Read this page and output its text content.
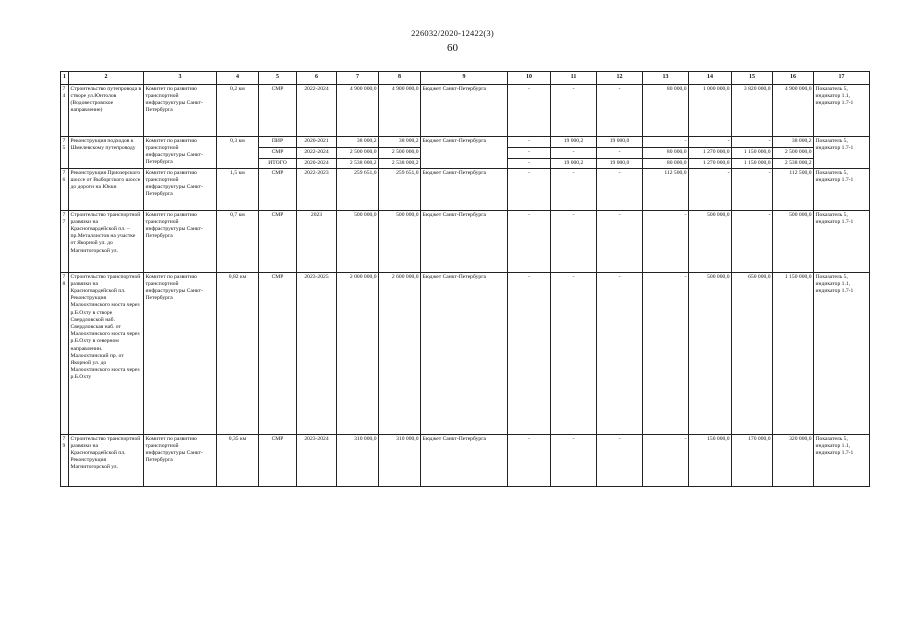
226032/2020-12422(3)
60
1	2	3	4	5	6	7	8	9	10	11	12	13	14	15	16	17
74	Строительство путепровода в створе ул.Юнтолов (Водовестровское направление)	Комитет по развитию транспортной инфраструктуры Санкт-Петербурга	0,2 км	СМР	2022-2024	4 900 000,0	4 900 000,0	Бюджет Санкт-Петербурга	-	-	-	80 000,0	1 000 000,0	3 820 000,0	4 900 000,0	Показатель 5, индикатор 1.1, индикатор 1.7-1
75	Реконструкция подходов к Шмелевскому путепроводу	Комитет по развитию транспортной инфраструктуры Санкт-Петербурга	0,3 км	ПИР	2020-2021	38 000,2	38 000,2	Бюджет Санкт-Петербурга	-	19 000,2	19 000,0	-	-	-	38 000,2	Показатель 5, индикатор 1.7-1
				СМР	2022-2024	2 500 000,0	2 500 000,0		-	-	-	80 000,0	1 270 000,0	1 150 000,0	2 500 000,0	
				ИТОГО	2020-2024	2 538 000,2	2 538 000,2		-	19 000,2	19 000,0	80 000,0	1 270 000,0	1 150 000,0	2 538 000,2	
76	Реконструкция Приозерского шоссе от Выборгского шоссе до дороги на Юкки	Комитет по развитию транспортной инфраструктуры Санкт-Петербурга	1,5 км	СМР	2022-2023	259 651,0	259 651,0	Бюджет Санкт-Петербурга	-	-	-	112 500,0	-	-	112 500,0	Показатель 5, индикатор 1.7-1
77	Строительство транспортной развязки на Красногвардейской пл. – пр.Металлистов на участке от Якорной ул. до Магнитогорской ул.	Комитет по развитию транспортной инфраструктуры Санкт-Петербурга	0,7 км	СМР	2023	500 000,0	500 000,0	Бюджет Санкт-Петербурга	-	-	-	-	500 000,0	-	500 000,0	Показатель 5, индикатор 1.7-1
78	Строительство транспортной развязки на Красногвардейской пл. Реконструкция Малоохтинского моста через р.Б.Охту в створе Свердловской наб. Свердловская наб. от Малоохтинского моста через р.Б.Охту в северном направлении. Малоохтинский пр. от Якорной ул. до Малоохтинского моста через р.Б.Охту	Комитет по развитию транспортной инфраструктуры Санкт-Петербурга	0,82 км	СМР	2023-2025	2 000 000,0	2 600 000,0	Бюджет Санкт-Петербурга	-	-	-	-	500 000,0	650 000,0	1 150 000,0	Показатель 5, индикатор 1.1, индикатор 1.7-1
79	Строительство транспортной развязки на Красногвардейской пл. Реконструкция Магнитогорской ул.	Комитет по развитию транспортной инфраструктуры Санкт-Петербурга	0,35 км	СМР	2023-2024	310 000,0	310 000,0	Бюджет Санкт-Петербурга	-	-	-	-	150 000,0	170 000,0	320 000,0	Показатель 5, индикатор 1.1, индикатор 1.7-1
